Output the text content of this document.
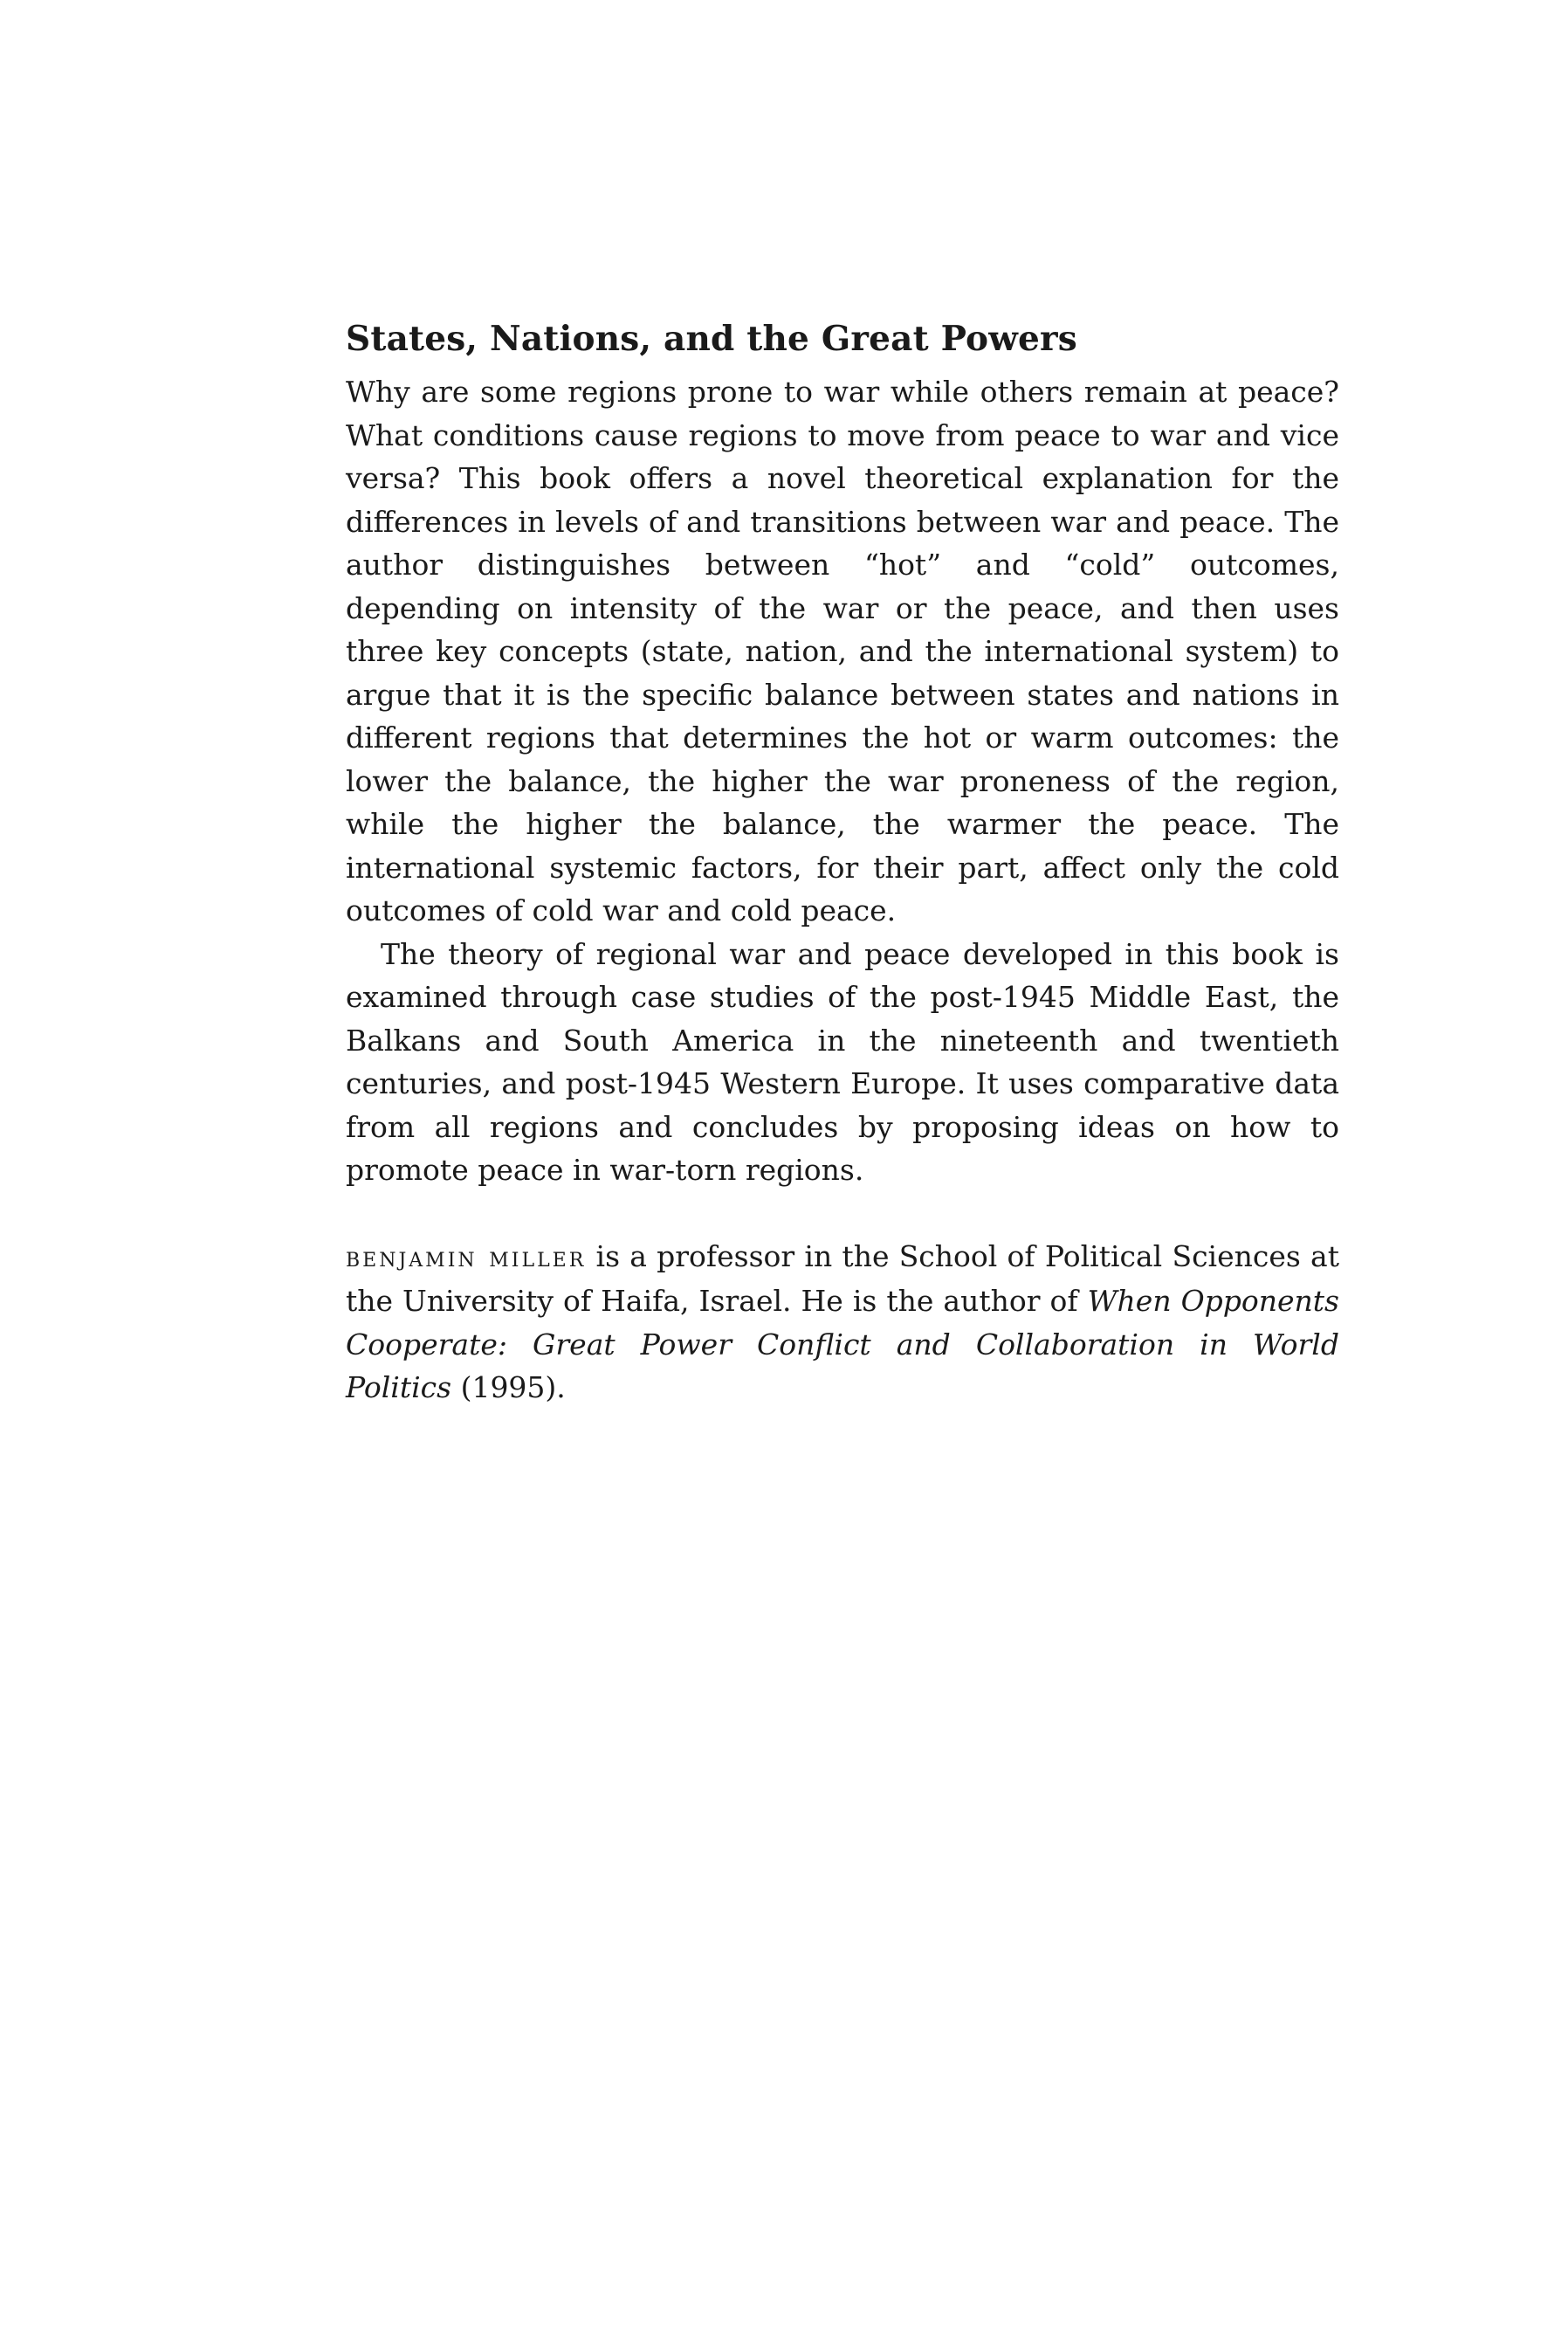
States, Nations, and the Great Powers

Why are some regions prone to war while others remain at peace? What conditions cause regions to move from peace to war and vice versa? This book offers a novel theoretical explanation for the differences in levels of and transitions between war and peace. The author distinguishes between “hot” and “cold” outcomes, depending on intensity of the war or the peace, and then uses three key concepts (state, nation, and the international system) to argue that it is the specific balance between states and nations in different regions that determines the hot or warm outcomes: the lower the balance, the higher the war proneness of the region, while the higher the balance, the warmer the peace. The international systemic factors, for their part, affect only the cold outcomes of cold war and cold peace.

The theory of regional war and peace developed in this book is examined through case studies of the post-1945 Middle East, the Balkans and South America in the nineteenth and twentieth centuries, and post-1945 Western Europe. It uses comparative data from all regions and concludes by proposing ideas on how to promote peace in war-torn regions.

benjamin miller is a professor in the School of Political Sciences at the University of Haifa, Israel. He is the author of When Opponents Cooperate: Great Power Conflict and Collaboration in World Politics (1995).
